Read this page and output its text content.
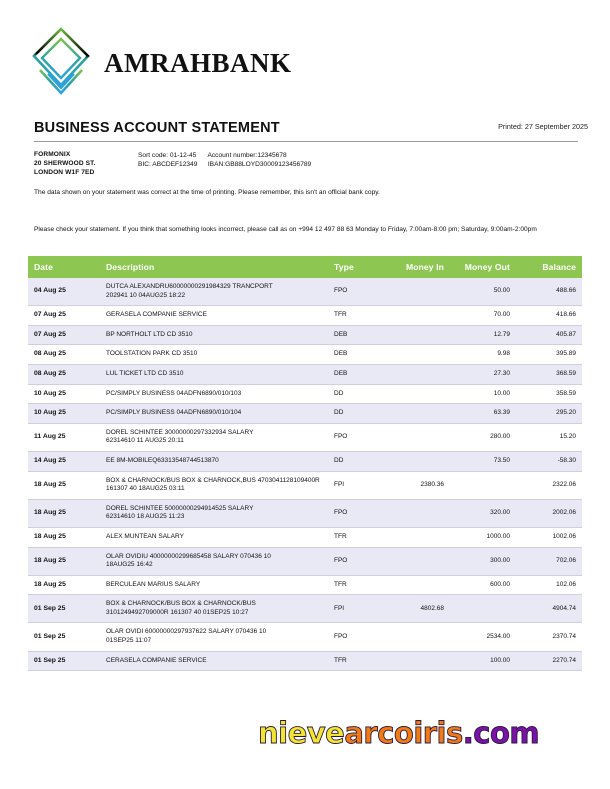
AMRAHBANK
BUSINESS ACCOUNT STATEMENT	Printed: 27 September 2025
FORMONIX
20 SHERWOOD ST.
LONDON W1F 7ED
Sort code: 01-12-45 Account number:12345678
BIC: ABCDEF12349 IBAN:GB88LOYD30009123456789
The data shown on your statement was correct at the time of printing. Please remember, this isn't an official bank copy.
Please check your statement. If you think that something looks incorrect, please call as on +994 12 497 88 63 Monday to Friday, 7:00am-8:00 pm; Saturday, 9:00am-2:00pm
Date	Description	Type	Money In	Money Out	Balance
04 Aug 25	DUTCA ALEXANDRU60000000291984329 TRANCPORT
202941 10 04AUG25 18:22	FPO		50.00	488.66
07 Aug 25	GERASELA COMPANIE SERVICE	TFR		70.00	418.66
07 Aug 25	BP NORTHOLT LTD CD 3510	DEB		12.79	405.87
08 Aug 25	TOOLSTATION PARK CD 3510	DEB		9.98	395.89
08 Aug 25	LUL TICKET LTD CD 3510	DEB		27.30	368.59
10 Aug 25	PC/SIMPLY BUSINESS 04ADFN6890/010/103	DD		10.00	358.59
10 Aug 25	PC/SIMPLY BUSINESS 04ADFN6890/010/104	DD		63.39	295.20
11 Aug 25	DOREL SCHINTEE 30000000297332934 SALARY
62314610 11 AUG25 20:11	FPO		280.00	15.20
14 Aug 25	EE 8M-MOBILEQ63313548744513870	DD		73.50	-58.30
18 Aug 25	BOX & CHARNOCK/BUS BOX & CHARNOCK,BUS 4703041128109400R
161307 40 18AUG25 03:11	FPI	2380.36		2322.06
18 Aug 25	DOREL SCHINTEE 50000000294914525 SALARY
62314610 18 AUG25 11:23	FPO		320.00	2002.06
18 Aug 25	ALEX MUNTEAN SALARY	TFR		1000.00	1002.06
18 Aug 25	OLAR OVIDIU 40000000299685458 SALARY 070436 10
18AUG25 16:42	FPO		300.00	702.06
18 Aug 25	BERCULEAN MARIUS SALARY	TFR		600.00	102.06
01 Sep 25	BOX & CHARNOCK/BUS BOX & CHARNOCK/BUS
3101249492709000R 161307 40 01SEP25 10:27	FPI	4802.68		4904.74
01 Sep 25	OLAR OVIDI 60000000297937622 SALARY 070436 10
01SEP25 11:07	FPO		2534.00	2370.74
01 Sep 25	CERASELA COMPANIE SERVICE	TFR		100.00	2270.74
nievearcoiris.com
